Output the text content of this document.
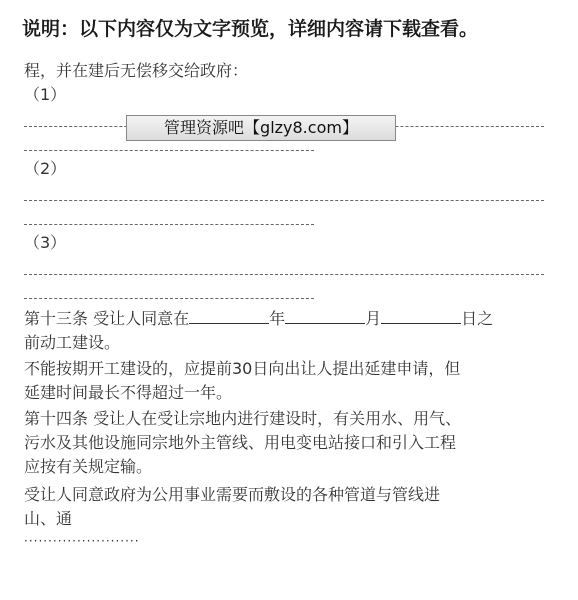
说明：以下内容仅为文字预览，详细内容请下载查看。
程，并在建后无偿移交给政府：
（1）
管理资源吧【glzy8.com】
（2）
（3）
第十三条 受让人同意在	年	月	日之
前动工建设。
不能按期开工建设的，应提前30日向出让人提出延建申请，但
延建时间最长不得超过一年。
第十四条 受让人在受让宗地内进行建设时，有关用水、用气、
污水及其他设施同宗地外主管线、用电变电站接口和引入工程
应按有关规定输。
受让人同意政府为公用事业需要而敷设的各种管道与管线进
山、通
························
